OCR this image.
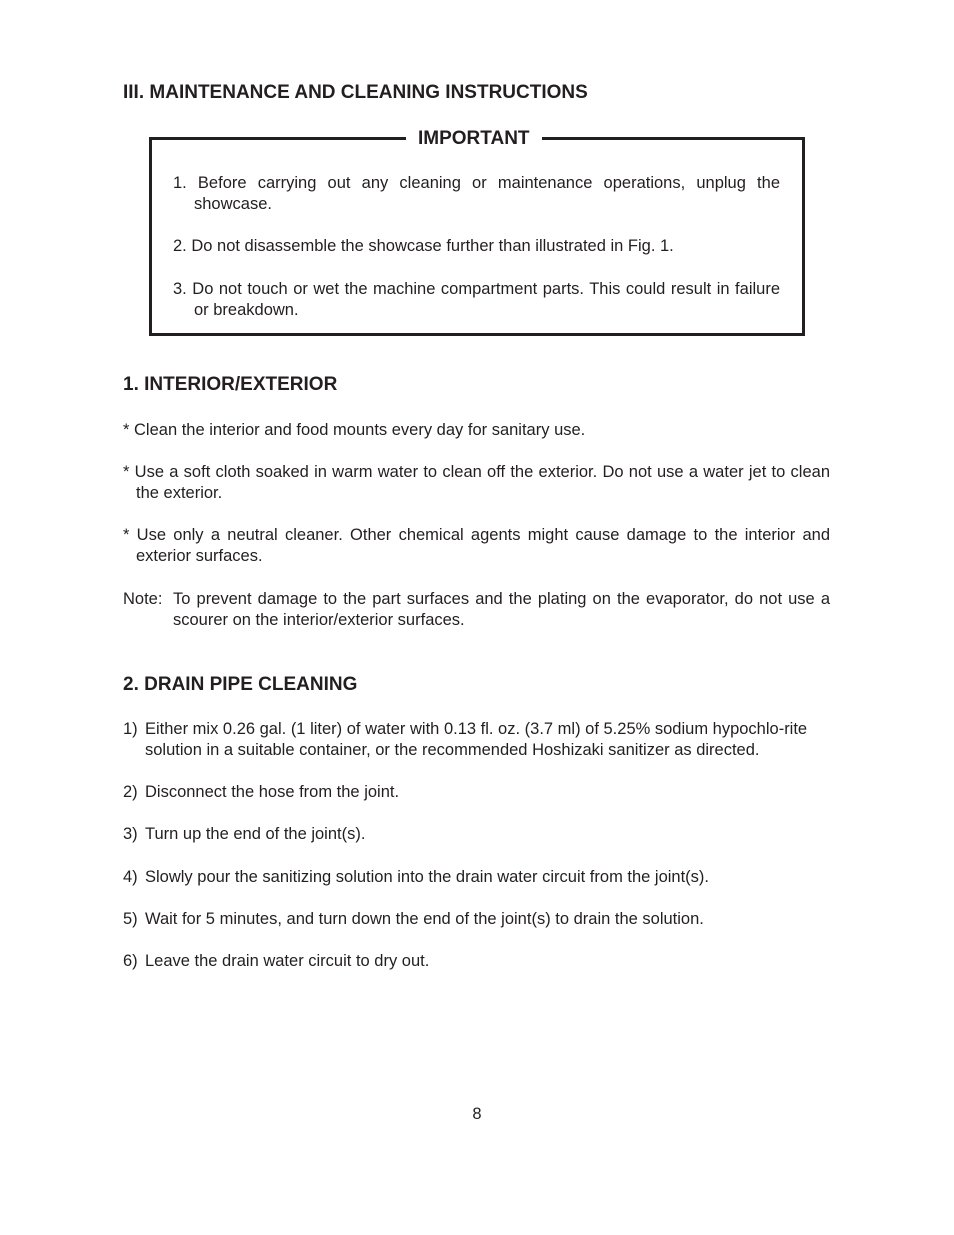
III. MAINTENANCE AND CLEANING INSTRUCTIONS
IMPORTANT

1. Before carrying out any cleaning or maintenance operations, unplug the showcase.

2. Do not disassemble the showcase further than illustrated in Fig. 1.

3. Do not touch or wet the machine compartment parts. This could result in failure or breakdown.

1. INTERIOR/EXTERIOR

* Clean the interior and food mounts every day for sanitary use.

* Use a soft cloth soaked in warm water to clean off the exterior. Do not use a water jet to clean the exterior.

* Use only a neutral cleaner. Other chemical agents might cause damage to the interior and exterior surfaces.

Note: To prevent damage to the part surfaces and the plating on the evaporator, do not use a scourer on the interior/exterior surfaces.

2. DRAIN PIPE CLEANING
1) Either mix 0.26 gal. (1 liter) of water with 0.13 fl. oz. (3.7 ml) of 5.25% sodium hypochlo-rite solution in a suitable container, or the recommended Hoshizaki sanitizer as directed.

2) Disconnect the hose from the joint.

3) Turn up the end of the joint(s).

4) Slowly pour the sanitizing solution into the drain water circuit from the joint(s).

5) Wait for 5 minutes, and turn down the end of the joint(s) to drain the solution.

6) Leave the drain water circuit to dry out.

8
